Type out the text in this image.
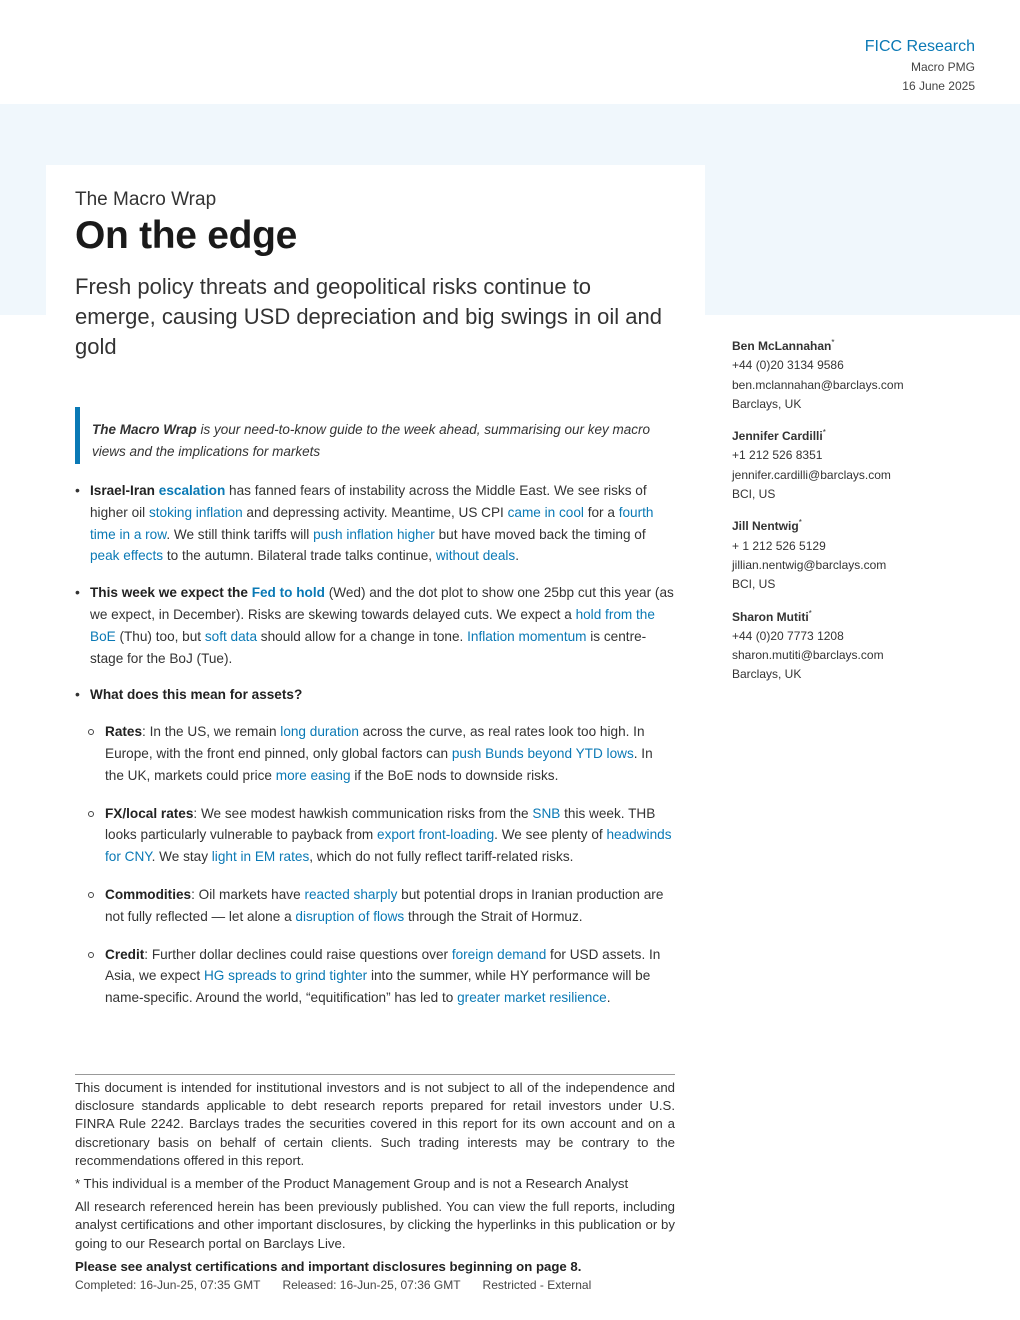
FICC Research
Macro PMG
16 June 2025
The Macro Wrap
On the edge

Fresh policy threats and geopolitical risks continue to emerge, causing USD depreciation and big swings in oil and gold	Ben McLannahan*
+44 (0)20 3134 9586
ben.mclannahan@barclays.com
Barclays, UK
Jennifer Cardilli*
+1 212 526 8351
jennifer.cardilli@barclays.com
BCI, US
Jill Nentwig*
+ 1 212 526 5129
jillian.nentwig@barclays.com
BCI, US
Sharon Mutiti*
+44 (0)20 7773 1208
sharon.mutiti@barclays.com
Barclays, UK

The Macro Wrap is your need-to-know guide to the week ahead, summarising our key macro views and the implications for markets

• Israel-Iran escalation has fanned fears of instability across the Middle East. We see risks of higher oil stoking inflation and depressing activity. Meantime, US CPI came in cool for a fourth time in a row. We still think tariffs will push inflation higher but have moved back the timing of peak effects to the autumn. Bilateral trade talks continue, without deals.
• This week we expect the Fed to hold (Wed) and the dot plot to show one 25bp cut this year (as we expect, in December). Risks are skewing towards delayed cuts. We expect a hold from the BoE (Thu) too, but soft data should allow for a change in tone. Inflation momentum is centre-stage for the BoJ (Tue).
• What does this mean for assets?
Rates: In the US, we remain long duration across the curve, as real rates look too high. In Europe, with the front end pinned, only global factors can push Bunds beyond YTD lows. In the UK, markets could price more easing if the BoE nods to downside risks.
FX/local rates: We see modest hawkish communication risks from the SNB this week. THB looks particularly vulnerable to payback from export front-loading. We see plenty of headwinds for CNY. We stay light in EM rates, which do not fully reflect tariff-related risks.
Commodities: Oil markets have reacted sharply but potential drops in Iranian production are not fully reflected — let alone a disruption of flows through the Strait of Hormuz.
Credit: Further dollar declines could raise questions over foreign demand for USD assets. In Asia, we expect HG spreads to grind tighter into the summer, while HY performance will be name-specific. Around the world, “equitification” has led to greater market resilience.

This document is intended for institutional investors and is not subject to all of the independence and disclosure standards applicable to debt research reports prepared for retail investors under U.S. FINRA Rule 2242. Barclays trades the securities covered in this report for its own account and on a discretionary basis on behalf of certain clients. Such trading interests may be contrary to the recommendations offered in this report.

* This individual is a member of the Product Management Group and is not a Research Analyst

All research referenced herein has been previously published. You can view the full reports, including analyst certifications and other important disclosures, by clicking the hyperlinks in this publication or by going to our Research portal on Barclays Live.

Please see analyst certifications and important disclosures beginning on page 8.

Completed: 16-Jun-25, 07:35 GMT Released: 16-Jun-25, 07:36 GMT Restricted - External
